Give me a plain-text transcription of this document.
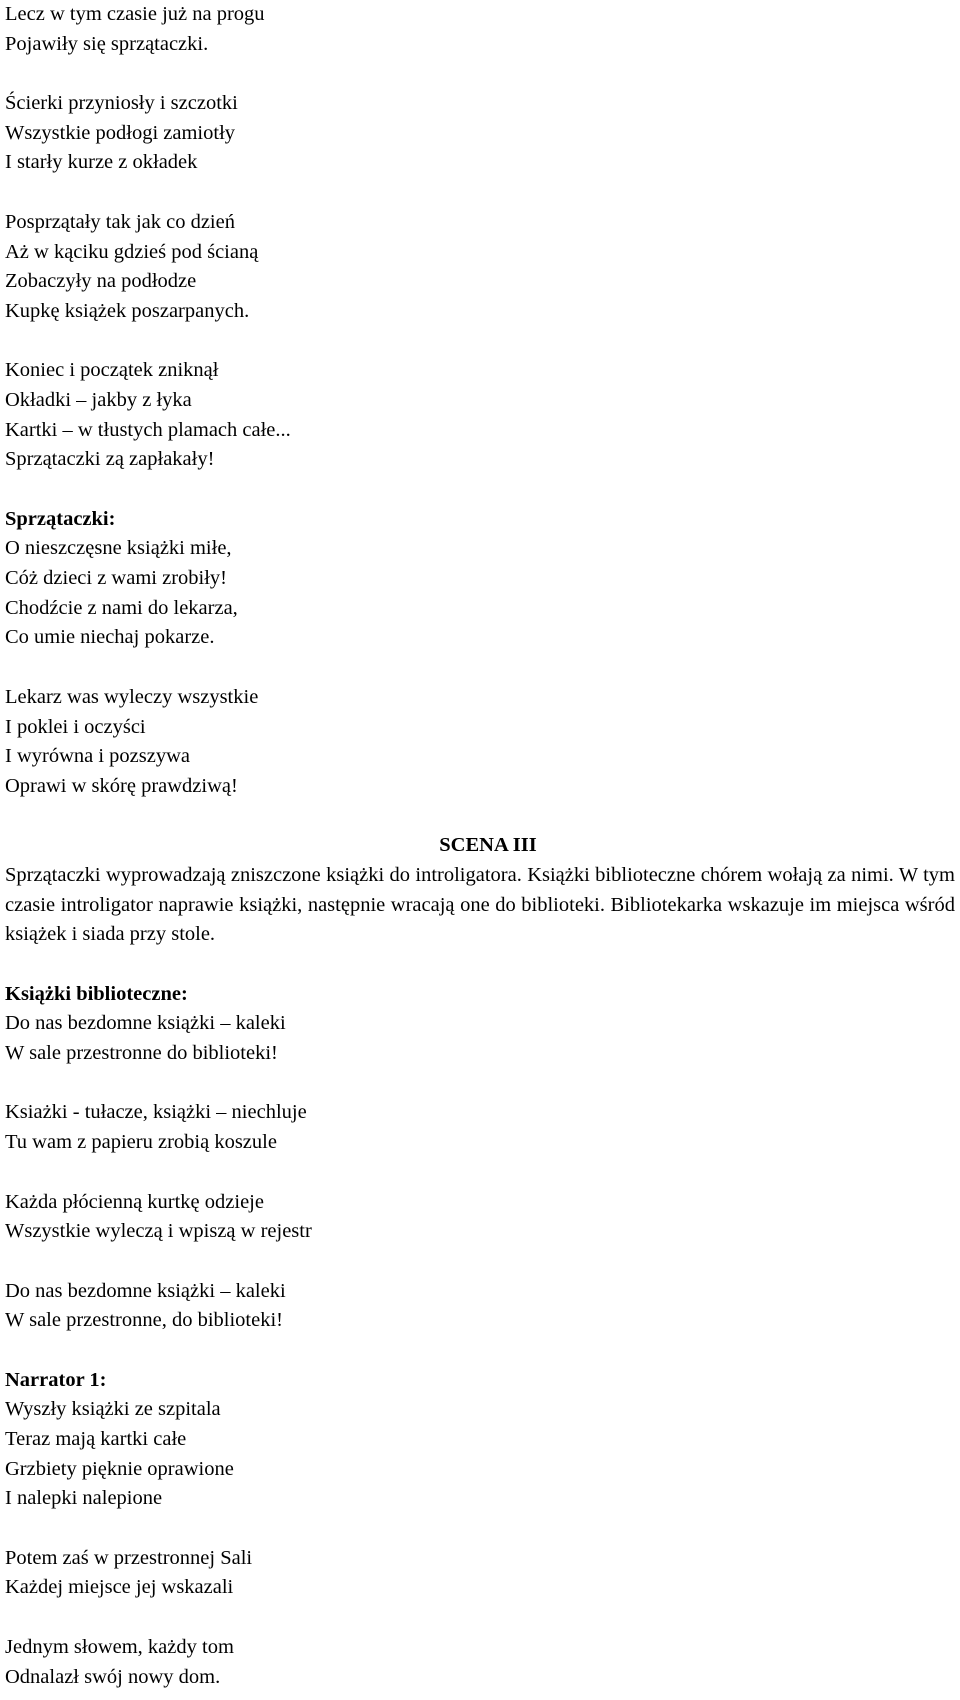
Lecz w tym czasie już na progu
Pojawiły się sprzątaczki.
Ścierki przyniosły i szczotki
Wszystkie podłogi zamiotły
I starły kurze z okładek
Posprzątały tak jak co dzień
Aż w kąciku gdzieś pod ścianą
Zobaczyły na podłodze
Kupkę książek poszarpanych.
Koniec i początek zniknął
Okładki – jakby z łyka
Kartki – w tłustych plamach całe...
Sprzątaczki zą zapłakały!
Sprzątaczki:
O nieszczęsne książki miłe,
Cóż dzieci z wami zrobiły!
Chodźcie z nami do lekarza,
Co umie niechaj pokarze.
Lekarz was wyleczy wszystkie
I poklei i oczyści
I wyrówna i pozszywa
Oprawi w skórę prawdziwą!
SCENA III
Sprzątaczki wyprowadzają zniszczone książki do introligatora. Książki biblioteczne chórem wołają za nimi. W tym czasie introligator naprawie książki, następnie wracają one do biblioteki. Bibliotekarka wskazuje im miejsca wśród książek i siada przy stole.
Książki biblioteczne:
Do nas bezdomne książki – kaleki
W sale przestronne do biblioteki!
Ksiażki - tułacze, książki – niechluje
Tu wam z papieru zrobią koszule
Każda płócienną kurtkę odzieje
Wszystkie wyleczą i wpiszą w rejestr
Do nas bezdomne książki – kaleki
W sale przestronne, do biblioteki!
Narrator 1:
Wyszły książki ze szpitala
Teraz mają kartki całe
Grzbiety pięknie oprawione
I nalepki nalepione
Potem zaś w przestronnej Sali
Każdej miejsce jej wskazali
Jednym słowem, każdy tom
Odnalazł swój nowy dom.
